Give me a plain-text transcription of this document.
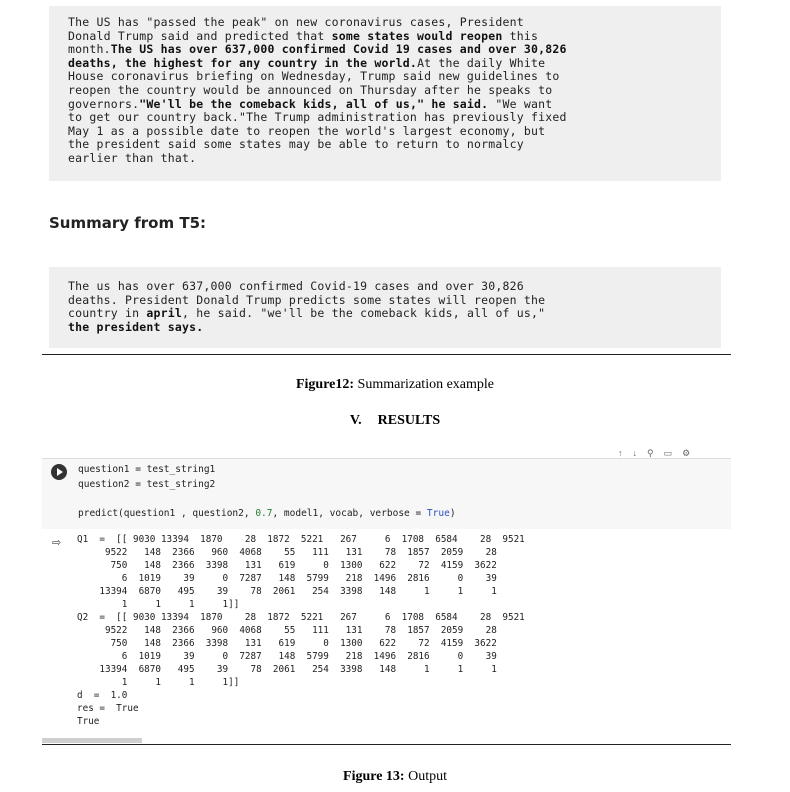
The US has "passed the peak" on new coronavirus cases, President
Donald Trump said and predicted that some states would reopen this
month.The US has over 637,000 confirmed Covid 19 cases and over 30,826
deaths, the highest for any country in the world.At the daily White
House coronavirus briefing on Wednesday, Trump said new guidelines to
reopen the country would be announced on Thursday after he speaks to
governors."We'll be the comeback kids, all of us," he said. "We want
to get our country back."The Trump administration has previously fixed
May 1 as a possible date to reopen the world's largest economy, but
the president said some states may be able to return to normalcy
earlier than that.
Summary from T5:
The us has over 637,000 confirmed Covid-19 cases and over 30,826
deaths. President Donald Trump predicts some states will reopen the
country in april, he said. "we'll be the comeback kids, all of us,"
the president says.
Figure12: Summarization example
V. RESULTS
↑ ↓ ⚲ ▭ ⚙
question1 = test_string1
question2 = test_string2
predict(question1 , question2, 0.7, model1, vocab, verbose = True)
⇨ Q1  =  [[ 9030 13394  1870    28  1872  5221   267     6  1708  6584    28  9521
9522   148  2366   960  4068    55   111   131    78  1857  2059    28
750   148  2366  3398   131   619     0  1300   622    72  4159  3622
6  1019    39     0  7287   148  5799   218  1496  2816     0    39
13394  6870   495    39    78  2061   254  3398   148     1     1     1
1     1     1     1]]
Q2  =  [[ 9030 13394  1870    28  1872  5221   267     6  1708  6584    28  9521
9522   148  2366   960  4068    55   111   131    78  1857  2059    28
750   148  2366  3398   131   619     0  1300   622    72  4159  3622
6  1019    39     0  7287   148  5799   218  1496  2816     0    39
13394  6870   495    39    78  2061   254  3398   148     1     1     1
1     1     1     1]]
d  =  1.0
res =  True
True
Figure 13: Output
